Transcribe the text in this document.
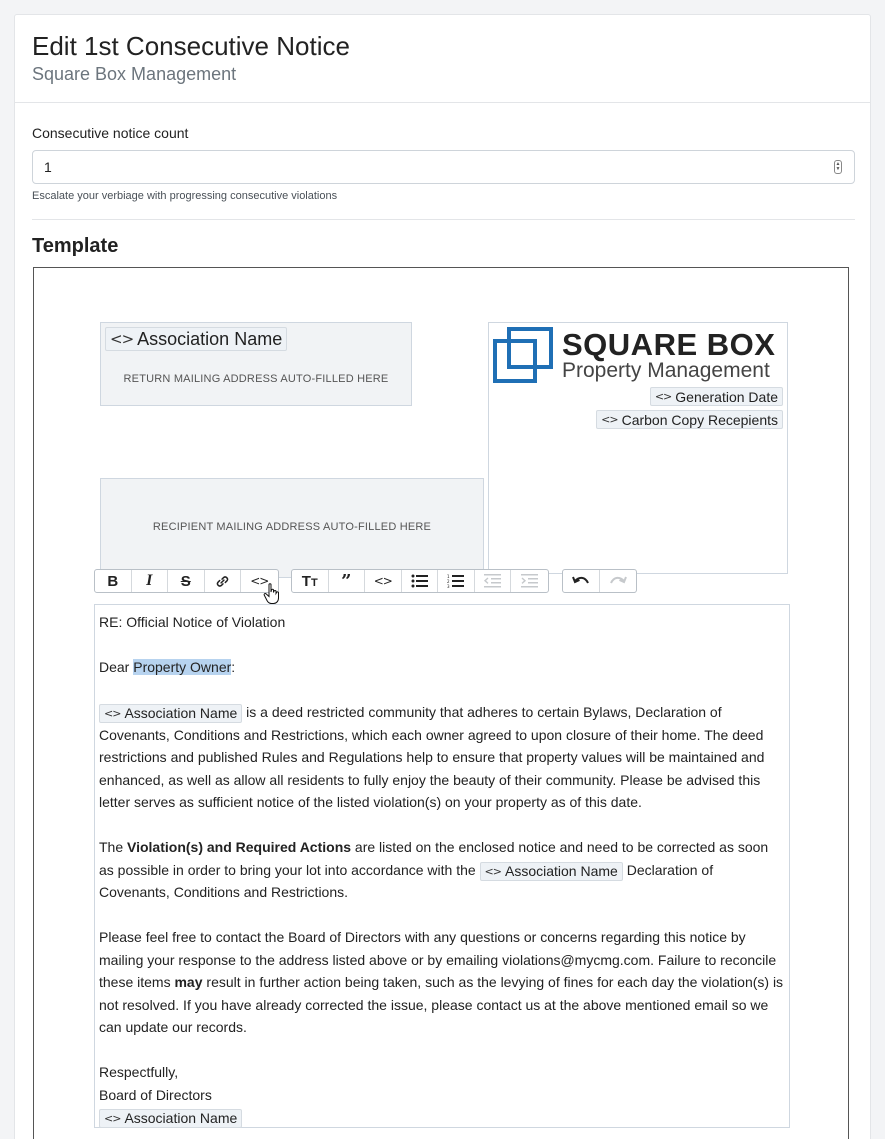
Edit 1st Consecutive Notice
Square Box Management
Consecutive notice count
1	▲
▼
Escalate your verbiage with progressing consecutive violations
Template
<> Association Name
RETURN MAILING ADDRESS AUTO-FILLED HERE
SQUARE BOX
Property Management
<> Generation Date
<> Carbon Copy Recepients
RECIPIENT MAILING ADDRESS AUTO-FILLED HERE
B I S	<> TT ” <>	1
2
3

RE: Official Notice of Violation

Dear Property Owner:

<> Association Name is a deed restricted community that adheres to certain Bylaws, Declaration of Covenants, Conditions and Restrictions, which each owner agreed to upon closure of their home. The deed restrictions and published Rules and Regulations help to ensure that property values will be maintained and enhanced, as well as allow all residents to fully enjoy the beauty of their community. Please be advised this letter serves as sufficient notice of the listed violation(s) on your property as of this date.

The Violation(s) and Required Actions are listed on the enclosed notice and need to be corrected as soon as possible in order to bring your lot into accordance with the <> Association Name Declaration of Covenants, Conditions and Restrictions.

Please feel free to contact the Board of Directors with any questions or concerns regarding this notice by mailing your response to the address listed above or by emailing violations@mycmg.com. Failure to reconcile these items may result in further action being taken, such as the levying of fines for each day the violation(s) is not resolved. If you have already corrected the issue, please contact us at the above mentioned email so we can update our records.

Respectfully,
Board of Directors
<> Association Name
